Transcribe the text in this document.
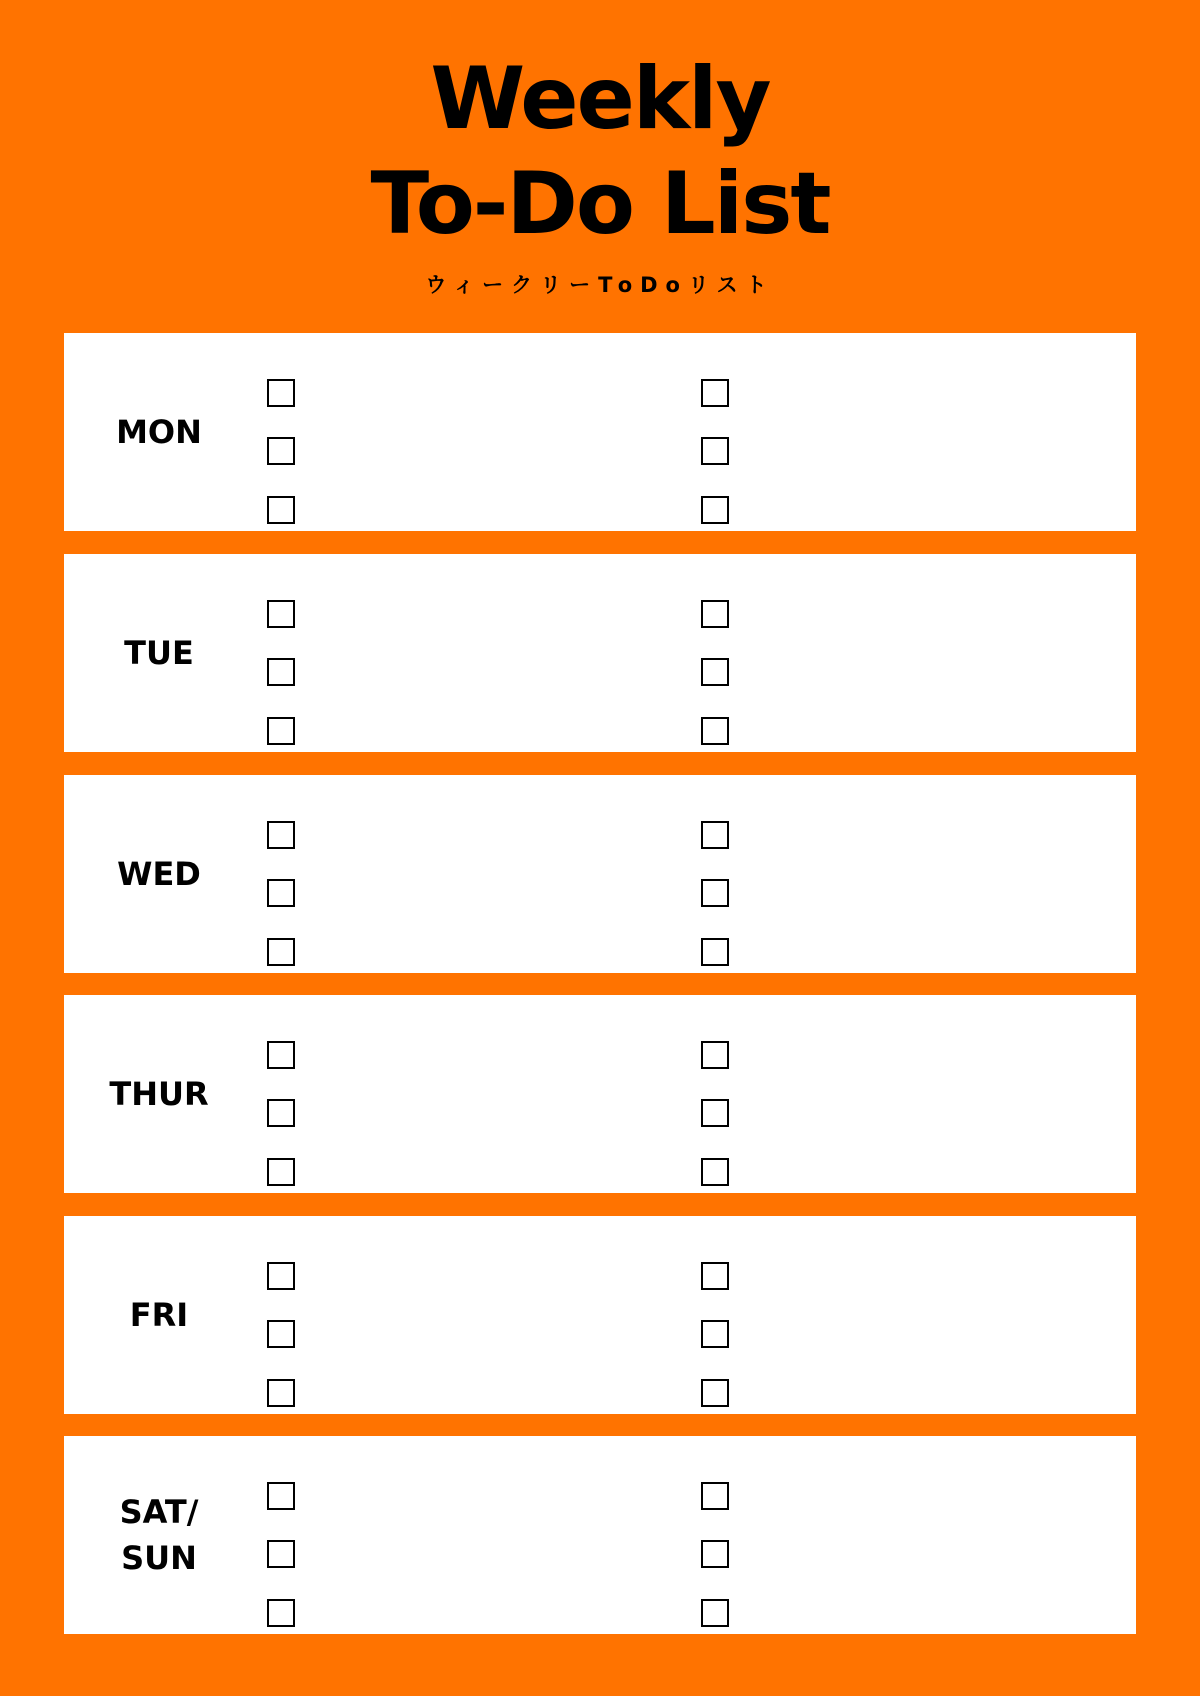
Weekly
To-Do List
ウィークリーToDoリスト
MON
TUE
WED
THUR
FRI
SAT/
SUN
